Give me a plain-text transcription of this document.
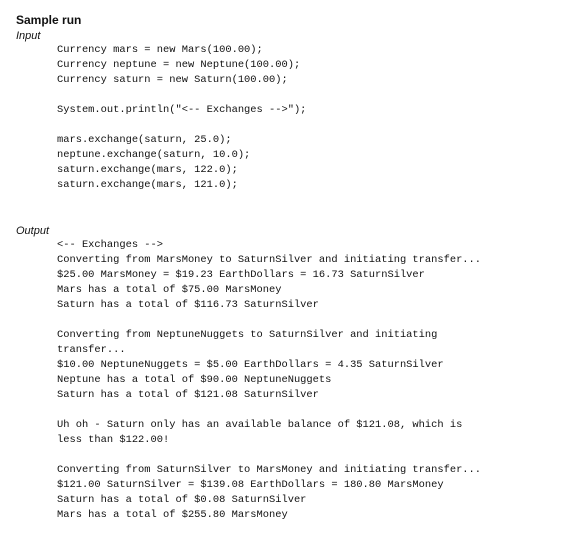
Sample run
Input
Currency mars = new Mars(100.00);
Currency neptune = new Neptune(100.00);
Currency saturn = new Saturn(100.00);
System.out.println("<-- Exchanges -->");
mars.exchange(saturn, 25.0);
neptune.exchange(saturn, 10.0);
saturn.exchange(mars, 122.0);
saturn.exchange(mars, 121.0);
Output
<-- Exchanges -->
Converting from MarsMoney to SaturnSilver and initiating transfer...
$25.00 MarsMoney = $19.23 EarthDollars = 16.73 SaturnSilver
Mars has a total of $75.00 MarsMoney
Saturn has a total of $116.73 SaturnSilver
Converting from NeptuneNuggets to SaturnSilver and initiating
transfer...
$10.00 NeptuneNuggets = $5.00 EarthDollars = 4.35 SaturnSilver
Neptune has a total of $90.00 NeptuneNuggets
Saturn has a total of $121.08 SaturnSilver
Uh oh - Saturn only has an available balance of $121.08, which is
less than $122.00!
Converting from SaturnSilver to MarsMoney and initiating transfer...
$121.00 SaturnSilver = $139.08 EarthDollars = 180.80 MarsMoney
Saturn has a total of $0.08 SaturnSilver
Mars has a total of $255.80 MarsMoney
